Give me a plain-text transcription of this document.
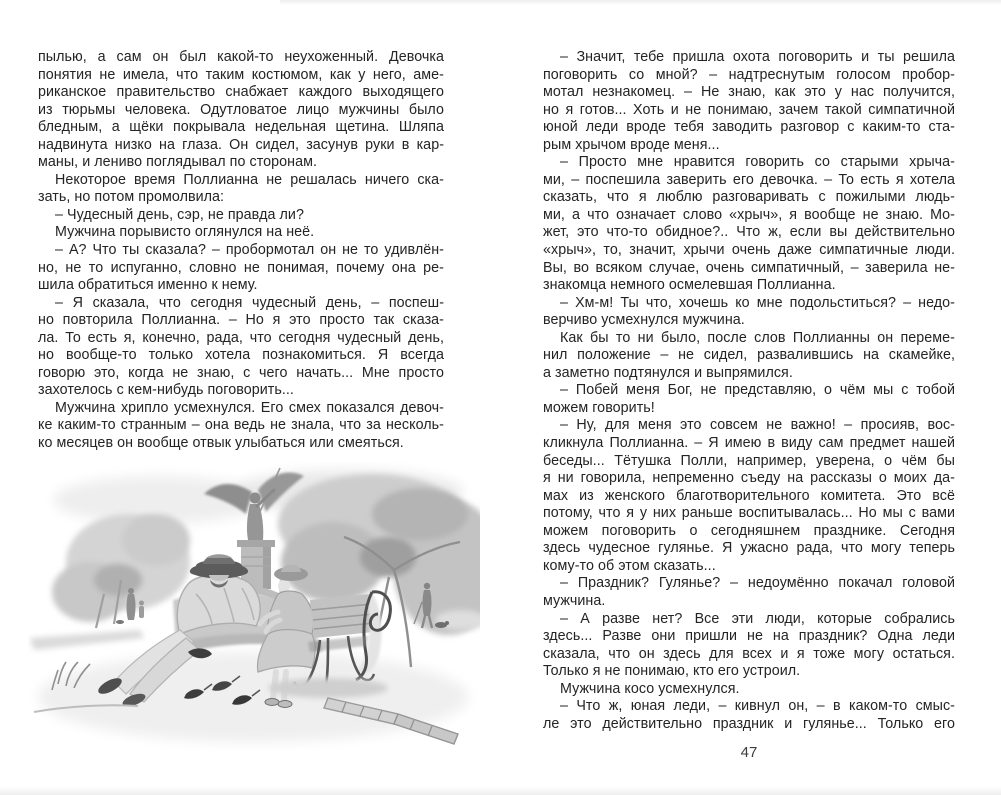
пылью, а сам он был какой-то неухоженный. Девочка
понятия не имела, что таким костюмом, как у него, аме-
риканское правительство снабжает каждого выходящего
из тюрьмы человека. Одутловатое лицо мужчины было
бледным, а щёки покрывала недельная щетина. Шляпа
надвинута низко на глаза. Он сидел, засунув руки в кар-
маны, и лениво поглядывал по сторонам.
Некоторое время Поллианна не решалась ничего ска-
зать, но потом промолвила:
– Чудесный день, сэр, не правда ли?
Мужчина порывисто оглянулся на неё.
– А? Что ты сказала? – пробормотал он не то удивлён-
но, не то испуганно, словно не понимая, почему она ре-
шила обратиться именно к нему.
– Я сказала, что сегодня чудесный день, – поспеш-
но повторила Поллианна. – Но я это просто так сказа-
ла. То есть я, конечно, рада, что сегодня чудесный день,
но вообще-то только хотела познакомиться. Я всегда
говорю это, когда не знаю, с чего начать... Мне просто
захотелось с кем-нибудь поговорить...
Мужчина хрипло усмехнулся. Его смех показался девоч-
ке каким-то странным – она ведь не знала, что за несколь-
ко месяцев он вообще отвык улыбаться или смеяться.
– Значит, тебе пришла охота поговорить и ты решила
поговорить со мной? – надтреснутым голосом пробор-
мотал незнакомец. – Не знаю, как это у нас получится,
но я готов... Хоть и не понимаю, зачем такой симпатичной
юной леди вроде тебя заводить разговор с каким-то ста-
рым хрычом вроде меня...
– Просто мне нравится говорить со старыми хрыча-
ми, – поспешила заверить его девочка. – То есть я хотела
сказать, что я люблю разговаривать с пожилыми людь-
ми, а что означает слово «хрыч», я вообще не знаю. Мо-
жет, это что-то обидное?.. Что ж, если вы действительно
«хрыч», то, значит, хрычи очень даже симпатичные люди.
Вы, во всяком случае, очень симпатичный, – заверила не-
знакомца немного осмелевшая Поллианна.
– Хм-м! Ты что, хочешь ко мне подольститься? – недо-
верчиво усмехнулся мужчина.
Как бы то ни было, после слов Поллианны он переме-
нил положение – не сидел, развалившись на скамейке,
а заметно подтянулся и выпрямился.
– Побей меня Бог, не представляю, о чём мы с тобой
можем говорить!
– Ну, для меня это совсем не важно! – просияв, вос-
кликнула Поллианна. – Я имею в виду сам предмет нашей
беседы... Тётушка Полли, например, уверена, о чём бы
я ни говорила, непременно съеду на рассказы о моих да-
мах из женского благотворительного комитета. Это всё
потому, что я у них раньше воспитывалась... Но мы с вами
можем поговорить о сегодняшнем празднике. Сегодня
здесь чудесное гулянье. Я ужасно рада, что могу теперь
кому-то об этом сказать...
– Праздник? Гулянье? – недоумённо покачал головой
мужчина.
– А разве нет? Все эти люди, которые собрались
здесь... Разве они пришли не на праздник? Одна леди
сказала, что он здесь для всех и я тоже могу остаться.
Только я не понимаю, кто его устроил.
Мужчина косо усмехнулся.
– Что ж, юная леди, – кивнул он, – в каком-то смыс-
ле это действительно праздник и гулянье... Только его
47
